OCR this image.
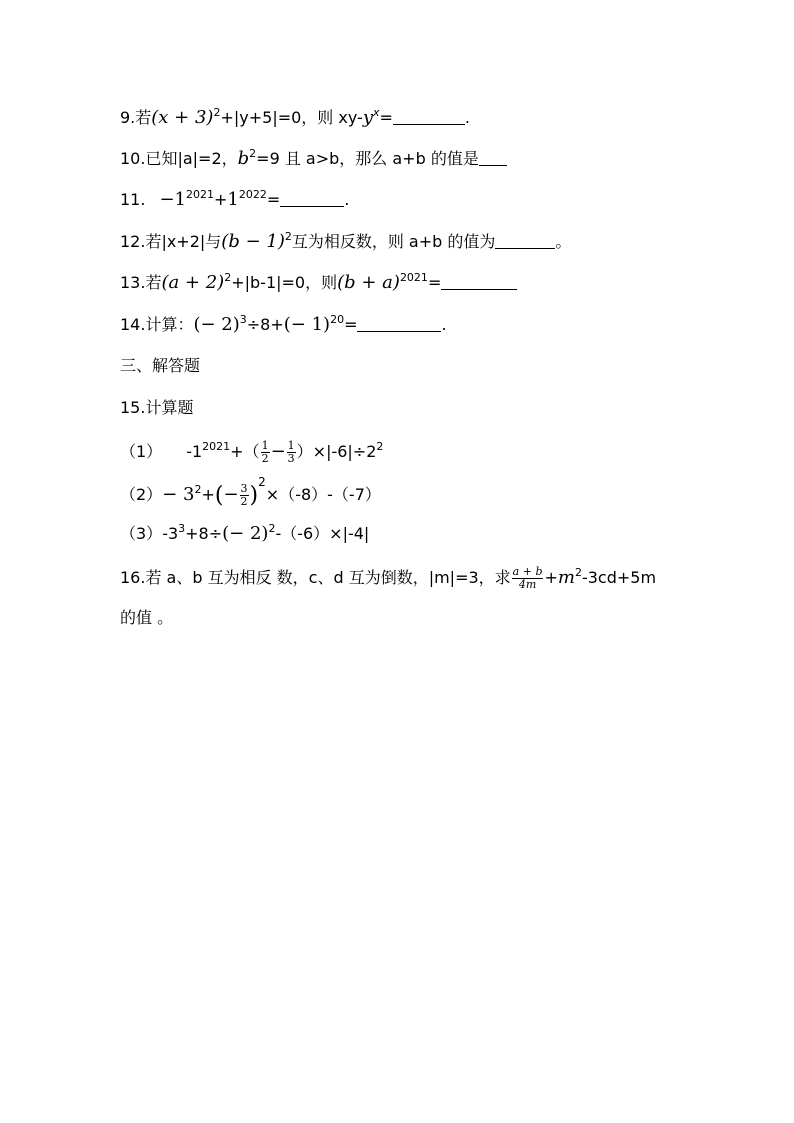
9.若$(x + 3)^2+|y+5|=0$，则 $xy-y^x=$	.
10.已知|a|=2，$b^2=9$ 且 a>b，那么 a+b 的值是
11. $-1^{2021}+1^{2022}=$	.
12.若|x+2|与$(b - 1)^2$互为相反数，则 a+b 的值为	。
13.若$(a + 2)^2+|b-1|=0$，则$(b + a)^{2021}=$
14.计算：(− $2)^3\div 8+(- 1)^{20}=$	.
三、解答题
15.计算题
（1） $-1^{2021}+( \frac{1}{2} - \frac{1}{3} )\times|-6|\div 2^2$
$(2)- 3^2+(- \frac{3}{2} )^2\times(-8)-(-7)$
$(3)-3^3+8\div(- 2)^2-(-6)\times|-4|$
16.若 a、b 互为相反 数，c、d 互为倒数，|m|=3，求 $\frac{a + b}{4m} +m^2-3cd+5m$
的值 。
